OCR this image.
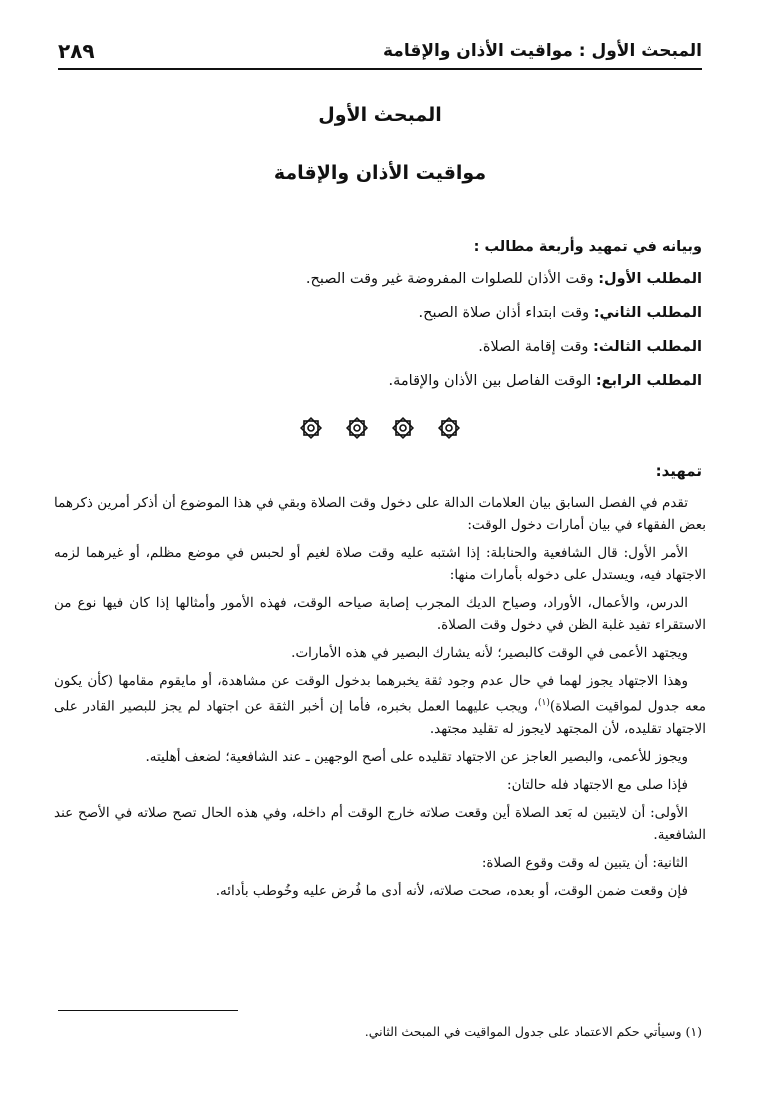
المبحث الأول : مواقيت الأذان والإقامة
٢٨٩
المبحث الأول
مواقيت الأذان والإقامة
وبيانه في تمهيد وأربعة مطالب :
المطلب الأول: وقت الأذان للصلوات المفروضة غير وقت الصبح.
المطلب الثاني: وقت ابتداء أذان صلاة الصبح.
المطلب الثالث: وقت إقامة الصلاة.
المطلب الرابع: الوقت الفاصل بين الأذان والإقامة.
تمهيد:

تقدم في الفصل السابق بيان العلامات الدالة على دخول وقت الصلاة وبقي في هذا الموضوع أن أذكر أمرين ذكرهما بعض الفقهاء في بيان أمارات دخول الوقت:

الأمر الأول: قال الشافعية والحنابلة: إذا اشتبه عليه وقت صلاة لغيم أو لحبس في موضع مظلم، أو غيرهما لزمه الاجتهاد فيه، ويستدل على دخوله بأمارات منها:

الدرس، والأعمال، الأوراد، وصياح الديك المجرب إصابة صياحه الوقت، فهذه الأمور وأمثالها إذا كان فيها نوع من الاستقراء تفيد غلبة الظن في دخول وقت الصلاة.

ويجتهد الأعمى في الوقت كالبصير؛ لأنه يشارك البصير في هذه الأمارات.

وهذا الاجتهاد يجوز لهما في حال عدم وجود ثقة يخبرهما بدخول الوقت عن مشاهدة، أو مايقوم مقامها (كأن يكون معه جدول لمواقيت الصلاة)$^{(١)}$، ويجب عليهما العمل بخبره، فأما إن أخبر الثقة عن اجتهاد لم يجز للبصير القادر على الاجتهاد تقليده، لأن المجتهد لايجوز له تقليد مجتهد.

ويجوز للأعمى، والبصير العاجز عن الاجتهاد تقليده على أصح الوجهين ـ عند الشافعية؛ لضعف أهليته.

فإذا صلى مع الاجتهاد فله حالتان:

الأولى: أن لايتبين له بَعد الصلاة أين وقعت صلاته خارج الوقت أم داخله، وفي هذه الحال تصح صلاته في الأصح عند الشافعية.

الثانية: أن يتبين له وقت وقوع الصلاة:

فإن وقعت ضمن الوقت، أو بعده، صحت صلاته، لأنه أدى ما فُرض عليه وخُوطب بأدائه.

(١) وسيأتي حكم الاعتماد على جدول المواقيت في المبحث الثاني.
